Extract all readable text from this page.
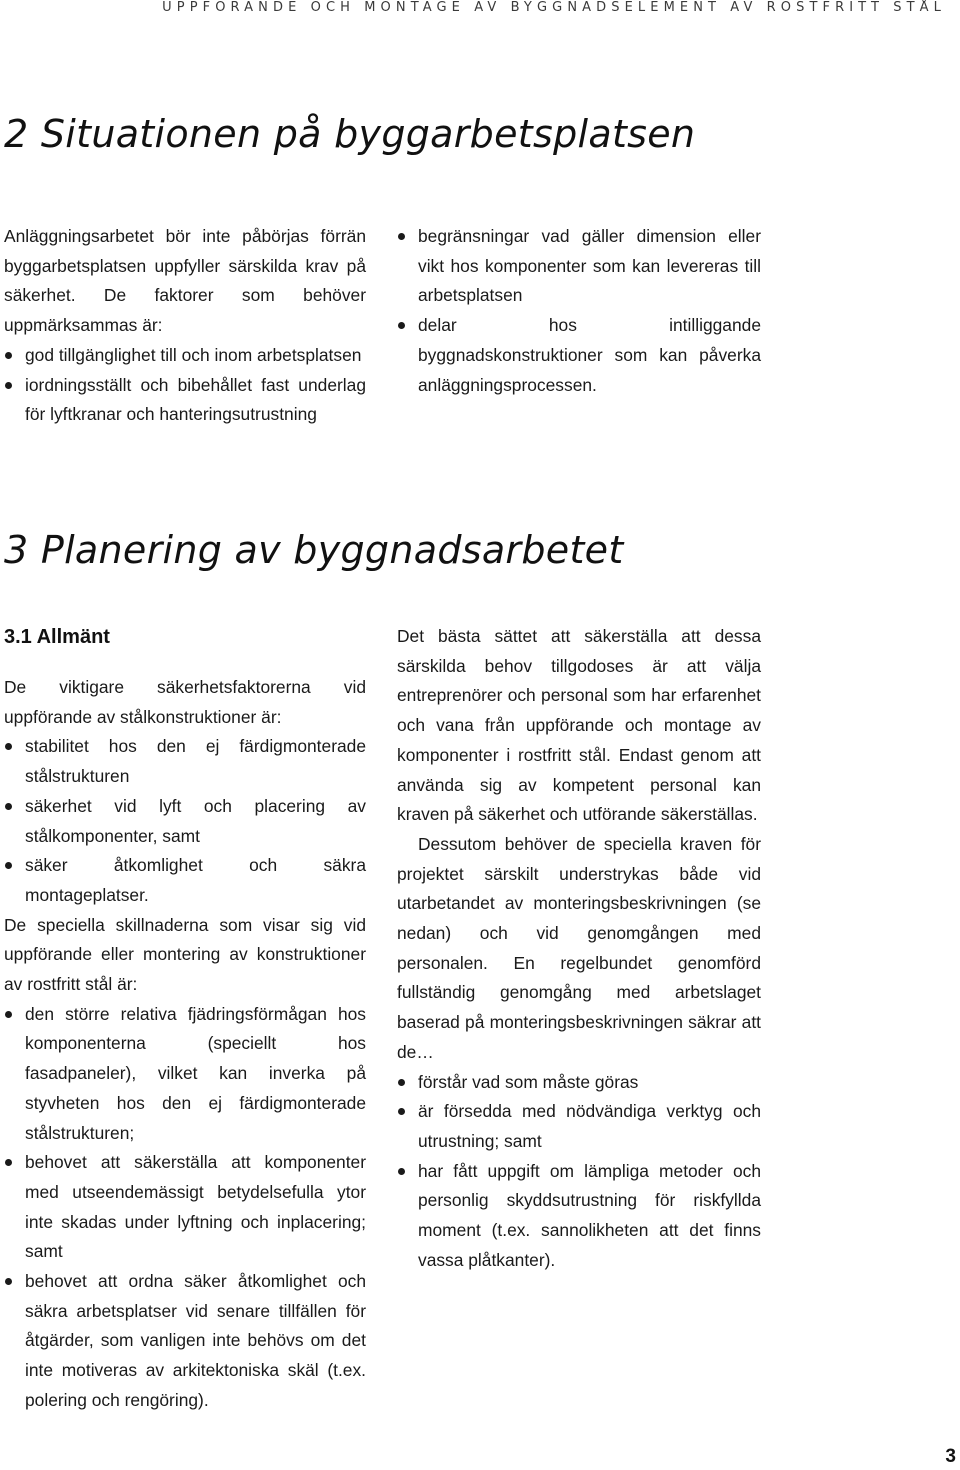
UPPFÖRANDE OCH MONTAGE AV BYGGNADSELEMENT AV ROSTFRITT STÅL
2 Situationen på byggarbetsplatsen

Anläggningsarbetet bör inte påbörjas förrän byggarbetsplatsen uppfyller särskilda krav på säkerhet. De faktorer som behöver uppmärksammas är:

god tillgänglighet till och inom arbetsplatsen
iordningsställt och bibehållet fast underlag för lyftkranar och hanteringsutrustning
begränsningar vad gäller dimension eller vikt hos komponenter som kan levereras till arbetsplatsen
delar hos intilliggande byggnadskonstruktioner som kan påverka anläggningsprocessen.
3 Planering av byggnadsarbetet
3.1 Allmänt

De viktigare säkerhetsfaktorerna vid uppförande av stålkonstruktioner är:

stabilitet hos den ej färdigmonterade stålstrukturen
säkerhet vid lyft och placering av stålkomponenter, samt
säker åtkomlighet och säkra montageplatser.

De speciella skillnaderna som visar sig vid uppförande eller montering av konstruktioner av rostfritt stål är:

den större relativa fjädringsförmågan hos komponenterna (speciellt hos fasadpaneler), vilket kan inverka på styvheten hos den ej färdigmonterade stålstrukturen;
behovet att säkerställa att komponenter med utseendemässigt betydelsefulla ytor inte skadas under lyftning och inplacering; samt
behovet att ordna säker åtkomlighet och säkra arbetsplatser vid senare tillfällen för åtgärder, som vanligen inte behövs om det inte motiveras av arkitektoniska skäl (t.ex. polering och rengöring).

Det bästa sättet att säkerställa att dessa särskilda behov tillgodoses är att välja entreprenörer och personal som har erfarenhet och vana från uppförande och montage av komponenter i rostfritt stål. Endast genom att använda sig av kompetent personal kan kraven på säkerhet och utförande säkerställas.

Dessutom behöver de speciella kraven för projektet särskilt understrykas både vid utarbetandet av monteringsbeskrivningen (se nedan) och vid genomgången med personalen. En regelbundet genomförd fullständig genomgång med arbetslaget baserad på monteringsbeskrivningen säkrar att de…

förstår vad som måste göras
är försedda med nödvändiga verktyg och utrustning; samt
har fått uppgift om lämpliga metoder och personlig skyddsutrustning för riskfyllda moment (t.ex. sannolikheten att det finns vassa plåtkanter).
3
